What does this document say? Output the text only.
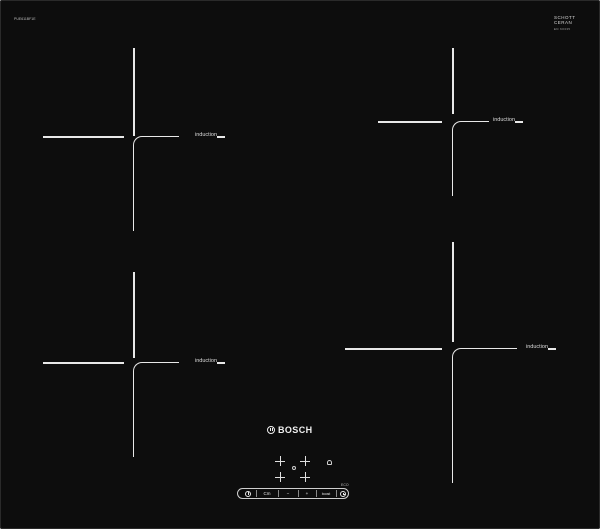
PUE611BF1E	SCHOTT
CERAN
EN 60335
induction
induction
induction
induction
BOSCH
ECO
Cm	−	+	boost
